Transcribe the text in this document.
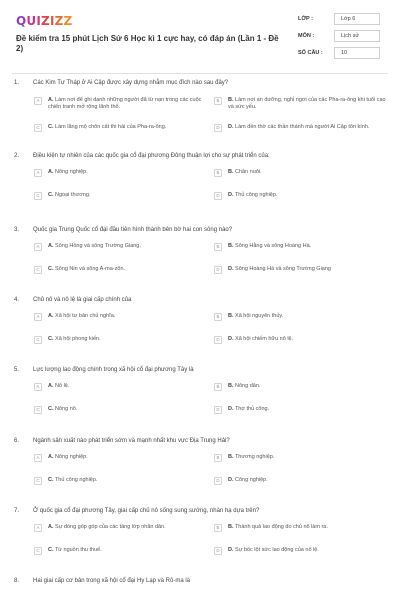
QUIZIZZ
Đề kiểm tra 15 phút Lịch Sử 6 Học kì 1 cực hay, có đáp án (Lần 1 - Đề 2)
LỚP :	Lớp 6
MÔN :	Lịch sử
SỐ CÂU :	10
1. Các Kim Tự Tháp ở Ai Cập được xây dựng nhằm mục đích nào sau đây?
A	A. Làm nơi để ghi danh những người đã từ nạn trong các cuộc chiến tranh mở rộng lãnh thổ.
B	B. Làm nơi an dưỡng, nghỉ ngơi của các Pha-ra-ông khi tuổi cao và sức yếu.
C	C. Làm lăng mộ chôn cất thi hài của Pha-ra-ông.	D	D. Làm đền thờ các thần thánh mà người Ai Cập tôn kính.
2. Điều kiện tự nhiên của các quốc gia cổ đại phương Đông thuận lợi cho sự phát triển của:
A	A. Nông nghiệp.	B	B. Chăn nuôi.
C	C. Ngoại thương.	D	D. Thủ công nghiệp.
3. Quốc gia Trung Quốc cổ đại đầu tiên hình thành bên bờ hai con sông nào?
A	A. Sông Hồng và sông Trường Giang.	B	B. Sông Hằng và sông Hoàng Hà.
C	C. Sông Nin và sông A-ma-zôn.	D	D. Sông Hoàng Hà và sông Trường Giang
4. Chủ nô và nô lệ là giai cấp chính của
A	A. Xã hội tư bản chủ nghĩa.	B	B. Xã hội nguyên thủy.
C	C. Xã hội phong kiến.	D	D. Xã hội chiếm hữu nô lệ.
5. Lực lượng lao động chính trong xã hội cổ đại phương Tây là
A	A. Nô lệ.	B	B. Nông dân.
C	C. Nông nô.	D	D. Thợ thủ công.
6. Ngành sản xuất nào phát triển sớm và mạnh nhất khu vực Địa Trung Hải?
A	A. Nông nghiệp.	B	B. Thương nghiệp.
C	C. Thủ công nghiệp.	D	D. Công nghiệp.
7. Ở quốc gia cổ đại phương Tây, giai cấp chủ nô sống sung sướng, nhàn hạ dựa trên?
A	A. Sự đóng góp góp của các tầng lớp nhân dân.	B	B. Thành quả lao động do chủ nô làm ra.
C	C. Từ nguồn thu thuế.	D	D. Sự bóc lột sức lao động của nô lệ.
8. Hai giai cấp cơ bản trong xã hội cổ đại Hy Lạp và Rô-ma là
